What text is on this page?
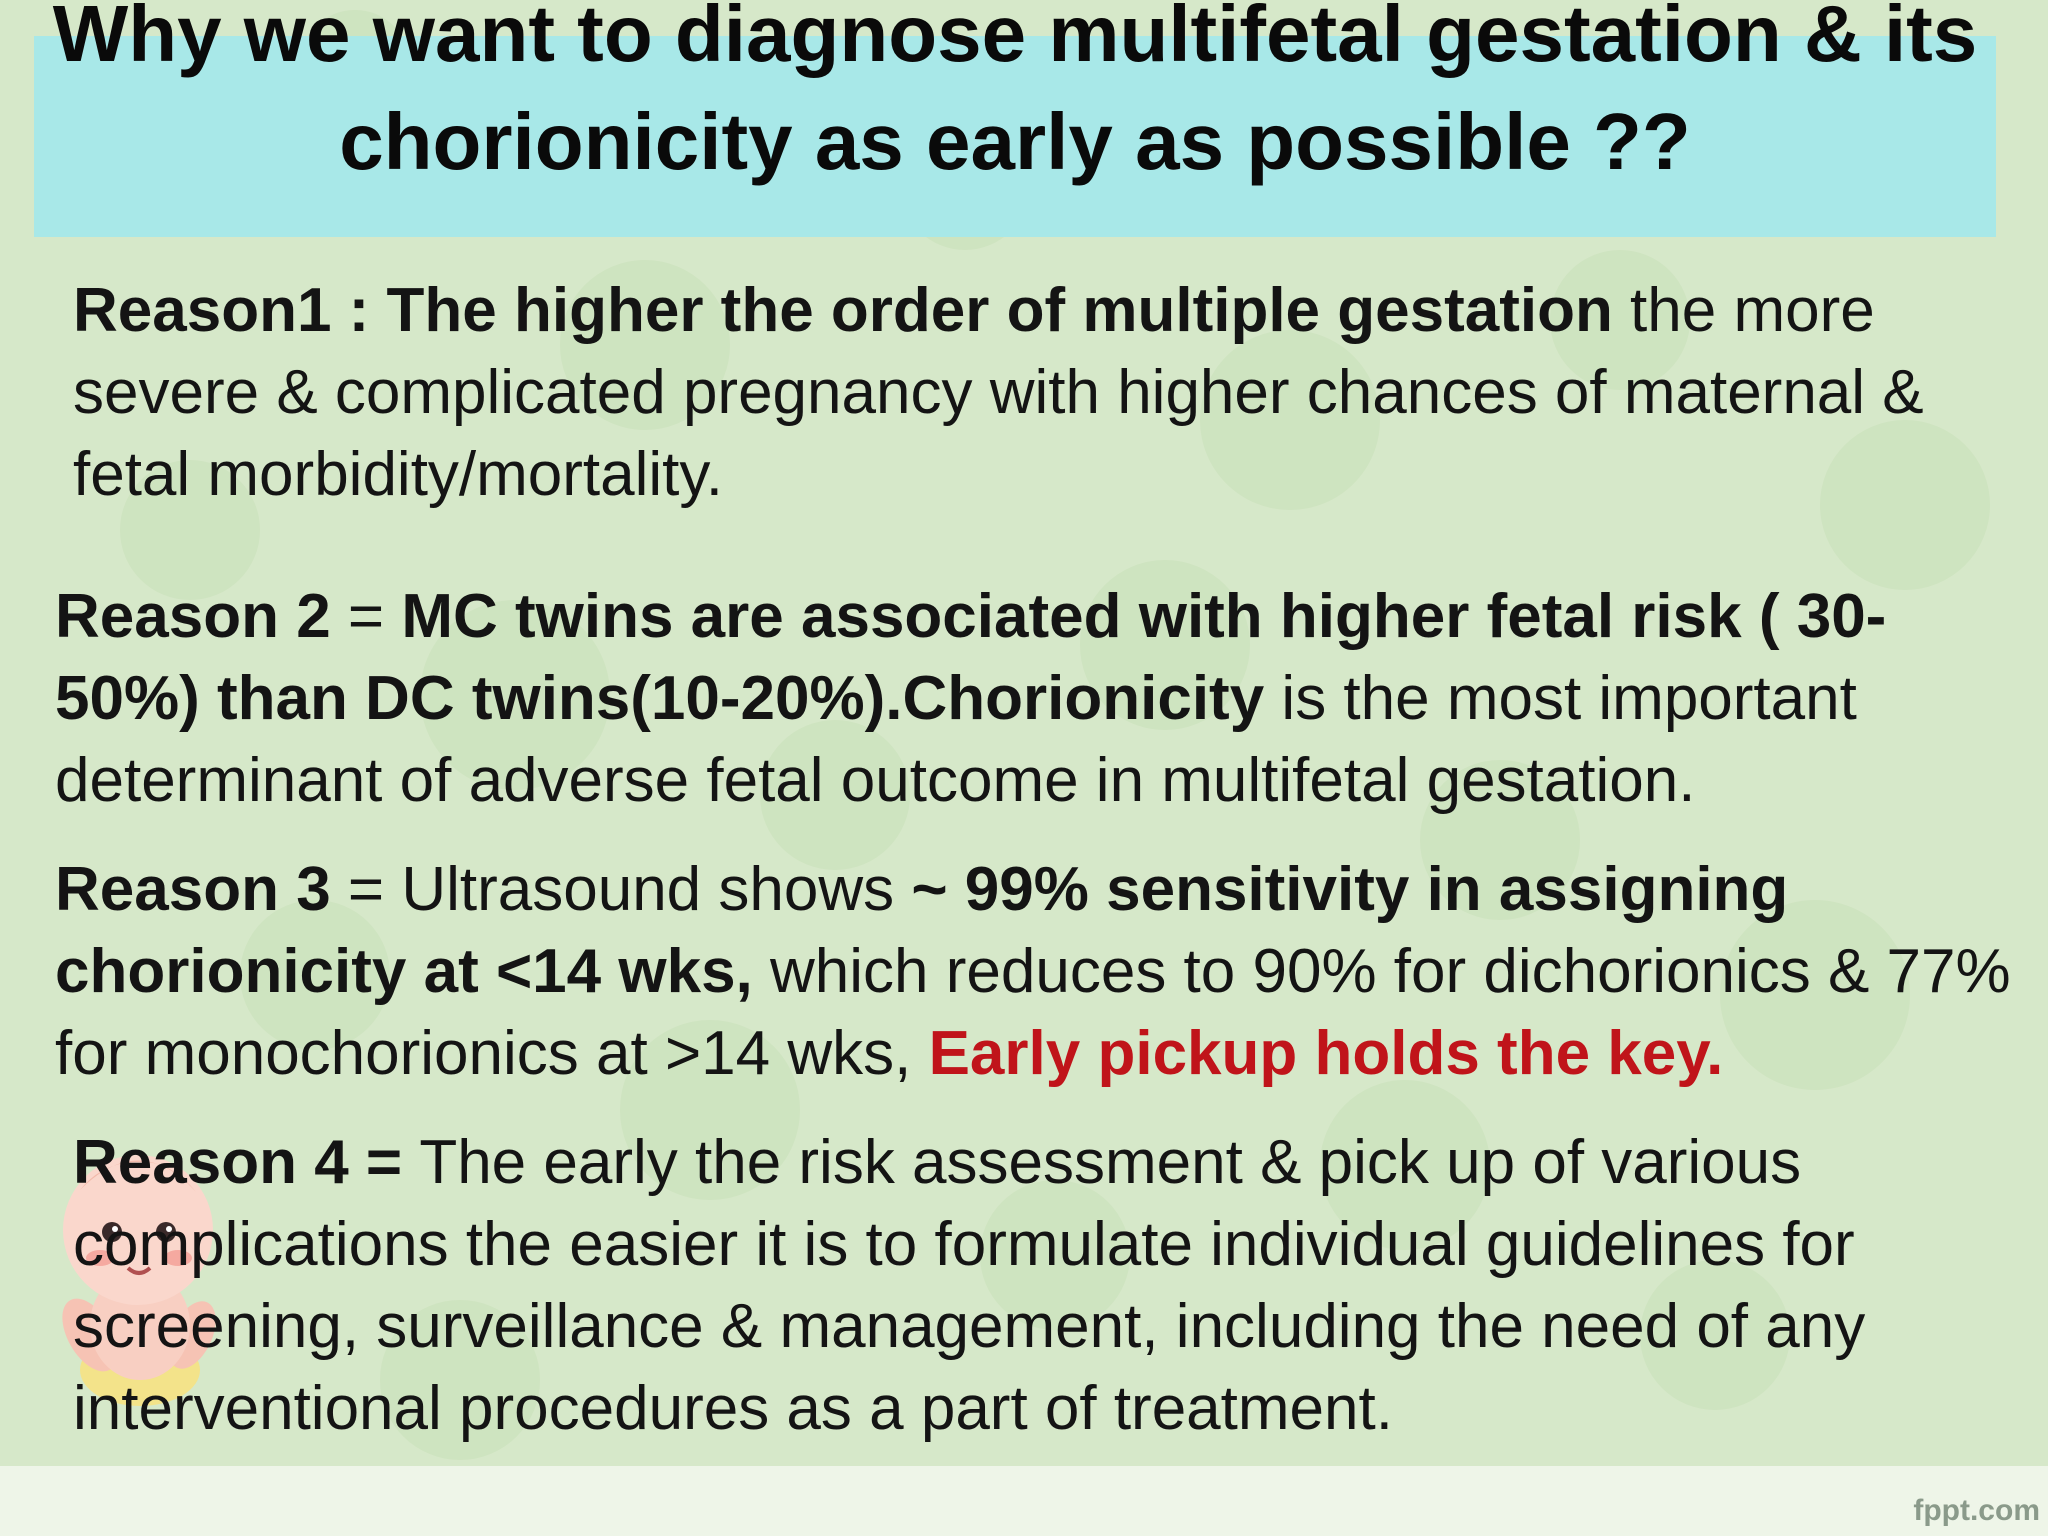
Why we want to diagnose multifetal gestation & its chorionicity as early as possible ??

Reason1 : The higher the order of multiple gestation the more severe & complicated pregnancy with higher chances of maternal & fetal morbidity/mortality.

Reason 2 = MC twins are associated with higher fetal risk ( 30-50%) than DC twins(10-20%).Chorionicity is the most important determinant of adverse fetal outcome in multifetal gestation.

Reason 3 = Ultrasound shows ~ 99% sensitivity in assigning chorionicity at <14 wks, which reduces to 90% for dichorionics & 77% for monochorionics at >14 wks, Early pickup holds the key.

Reason 4 = The early the risk assessment & pick up of various complications the easier it is to formulate individual guidelines for screening, surveillance & management, including the need of any interventional procedures as a part of treatment.

fppt.com
